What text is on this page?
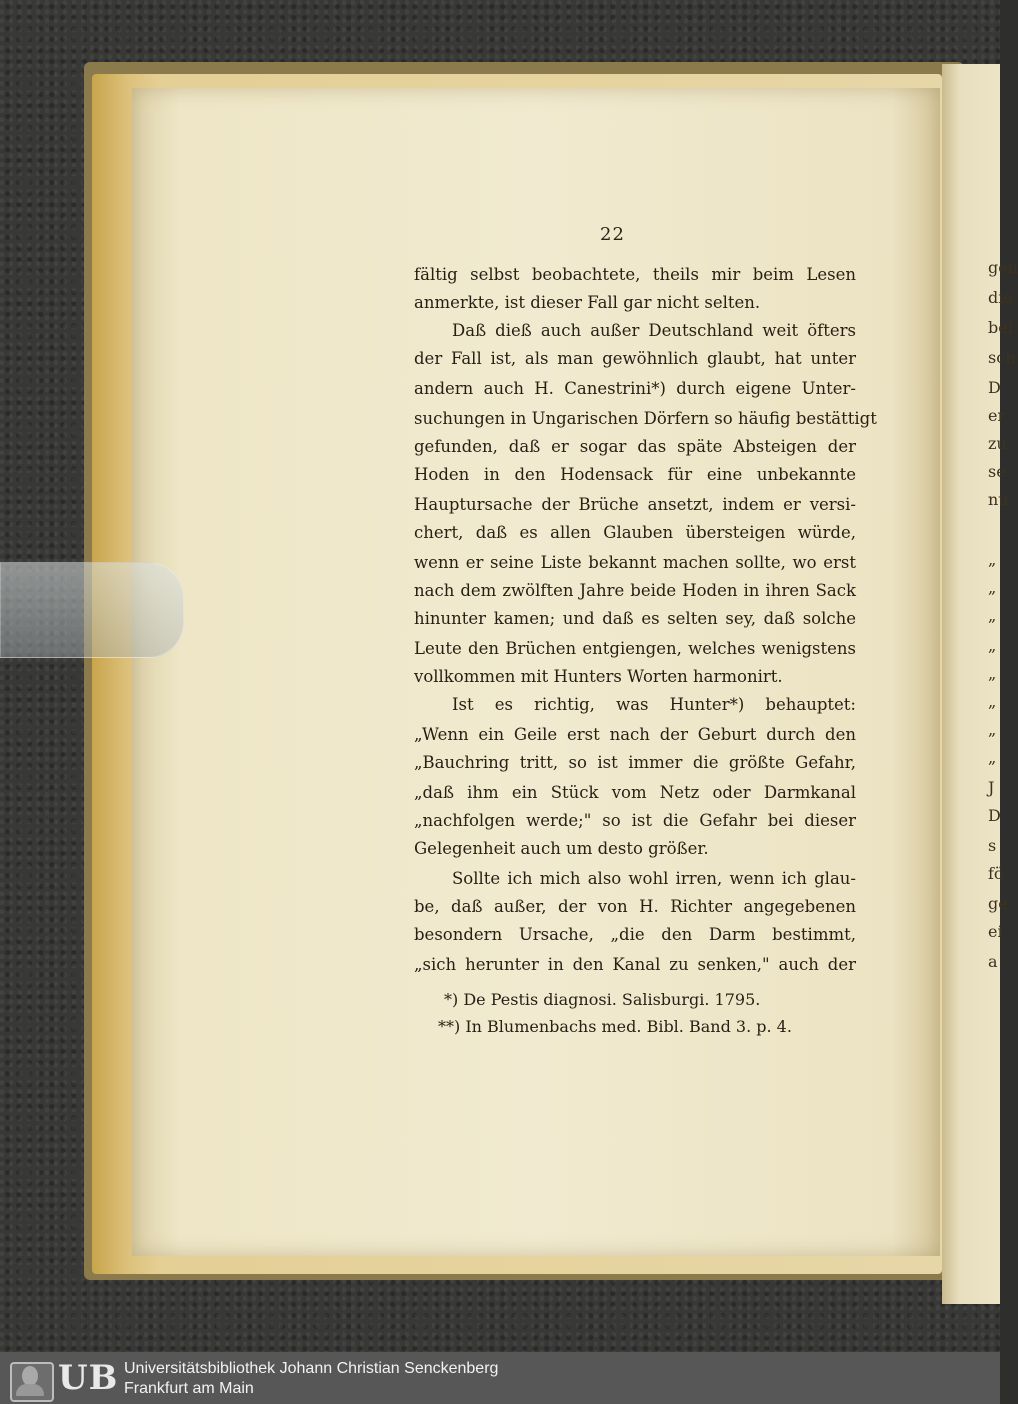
gen
die
bei
sch
D
er
zu
se
nu
„
„
„
„
„
„
„
„
J
D
s
fö
ge
ei
a
22
fältig selbst beobachtete, theils mir beim Lesen
anmerkte, ist dieser Fall gar nicht selten.
Daß dieß auch außer Deutschland weit öfters
der Fall ist, als man gewöhnlich glaubt, hat unter
andern auch H. Canestrini*) durch eigene Unter-
suchungen in Ungarischen Dörfern so häufig bestättigt
gefunden, daß er sogar das späte Absteigen der
Hoden in den Hodensack für eine unbekannte
Hauptursache der Brüche ansetzt, indem er versi-
chert, daß es allen Glauben übersteigen würde,
wenn er seine Liste bekannt machen sollte, wo erst
nach dem zwölften Jahre beide Hoden in ihren Sack
hinunter kamen; und daß es selten sey, daß solche
Leute den Brüchen entgiengen, welches wenigstens
vollkommen mit Hunters Worten harmonirt.
Ist es richtig, was Hunter*) behauptet:
„Wenn ein Geile erst nach der Geburt durch den
„Bauchring tritt, so ist immer die größte Gefahr,
„daß ihm ein Stück vom Netz oder Darmkanal
„nachfolgen werde;" so ist die Gefahr bei dieser
Gelegenheit auch um desto größer.
Sollte ich mich also wohl irren, wenn ich glau-
be, daß außer, der von H. Richter angegebenen
besondern Ursache, „die den Darm bestimmt,
„sich herunter in den Kanal zu senken," auch der
*) De Pestis diagnosi. Salisburgi. 1795.
**) In Blumenbachs med. Bibl. Band 3. p. 4.
UB Universitätsbibliothek Johann Christian Senckenberg
Frankfurt am Main
